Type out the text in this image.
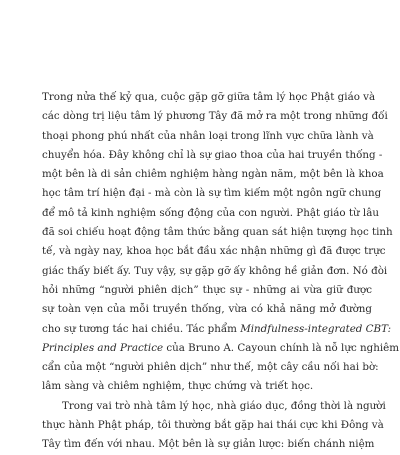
Trong nửa thế kỷ qua, cuộc gặp gỡ giữa tâm lý học Phật giáo và
các dòng trị liệu tâm lý phương Tây đã mở ra một trong những đối
thoại phong phú nhất của nhân loại trong lĩnh vực chữa lành và
chuyển hóa. Đây không chỉ là sự giao thoa của hai truyền thống -
một bên là di sản chiêm nghiệm hàng ngàn năm, một bên là khoa
học tâm trí hiện đại - mà còn là sự tìm kiếm một ngôn ngữ chung
để mô tả kinh nghiệm sống động của con người. Phật giáo từ lâu
đã soi chiếu hoạt động tâm thức bằng quan sát hiện tượng học tinh
tế, và ngày nay, khoa học bắt đầu xác nhận những gì đã được trực
giác thấy biết ấy. Tuy vậy, sự gặp gỡ ấy không hề giản đơn. Nó đòi
hỏi những “người phiên dịch” thực sự - những ai vừa giữ được
sự toàn vẹn của mỗi truyền thống, vừa có khả năng mở đường
cho sự tương tác hai chiều. Tác phẩm Mindfulness-integrated CBT:
Principles and Practice của Bruno A. Cayoun chính là nỗ lực nghiêm
cẩn của một “người phiên dịch” như thế, một cây cầu nối hai bờ:
lâm sàng và chiêm nghiệm, thực chứng và triết học.
Trong vai trò nhà tâm lý học, nhà giáo dục, đồng thời là người
thực hành Phật pháp, tôi thường bắt gặp hai thái cực khi Đông và
Tây tìm đến với nhau. Một bên là sự giản lược: biến chánh niệm
